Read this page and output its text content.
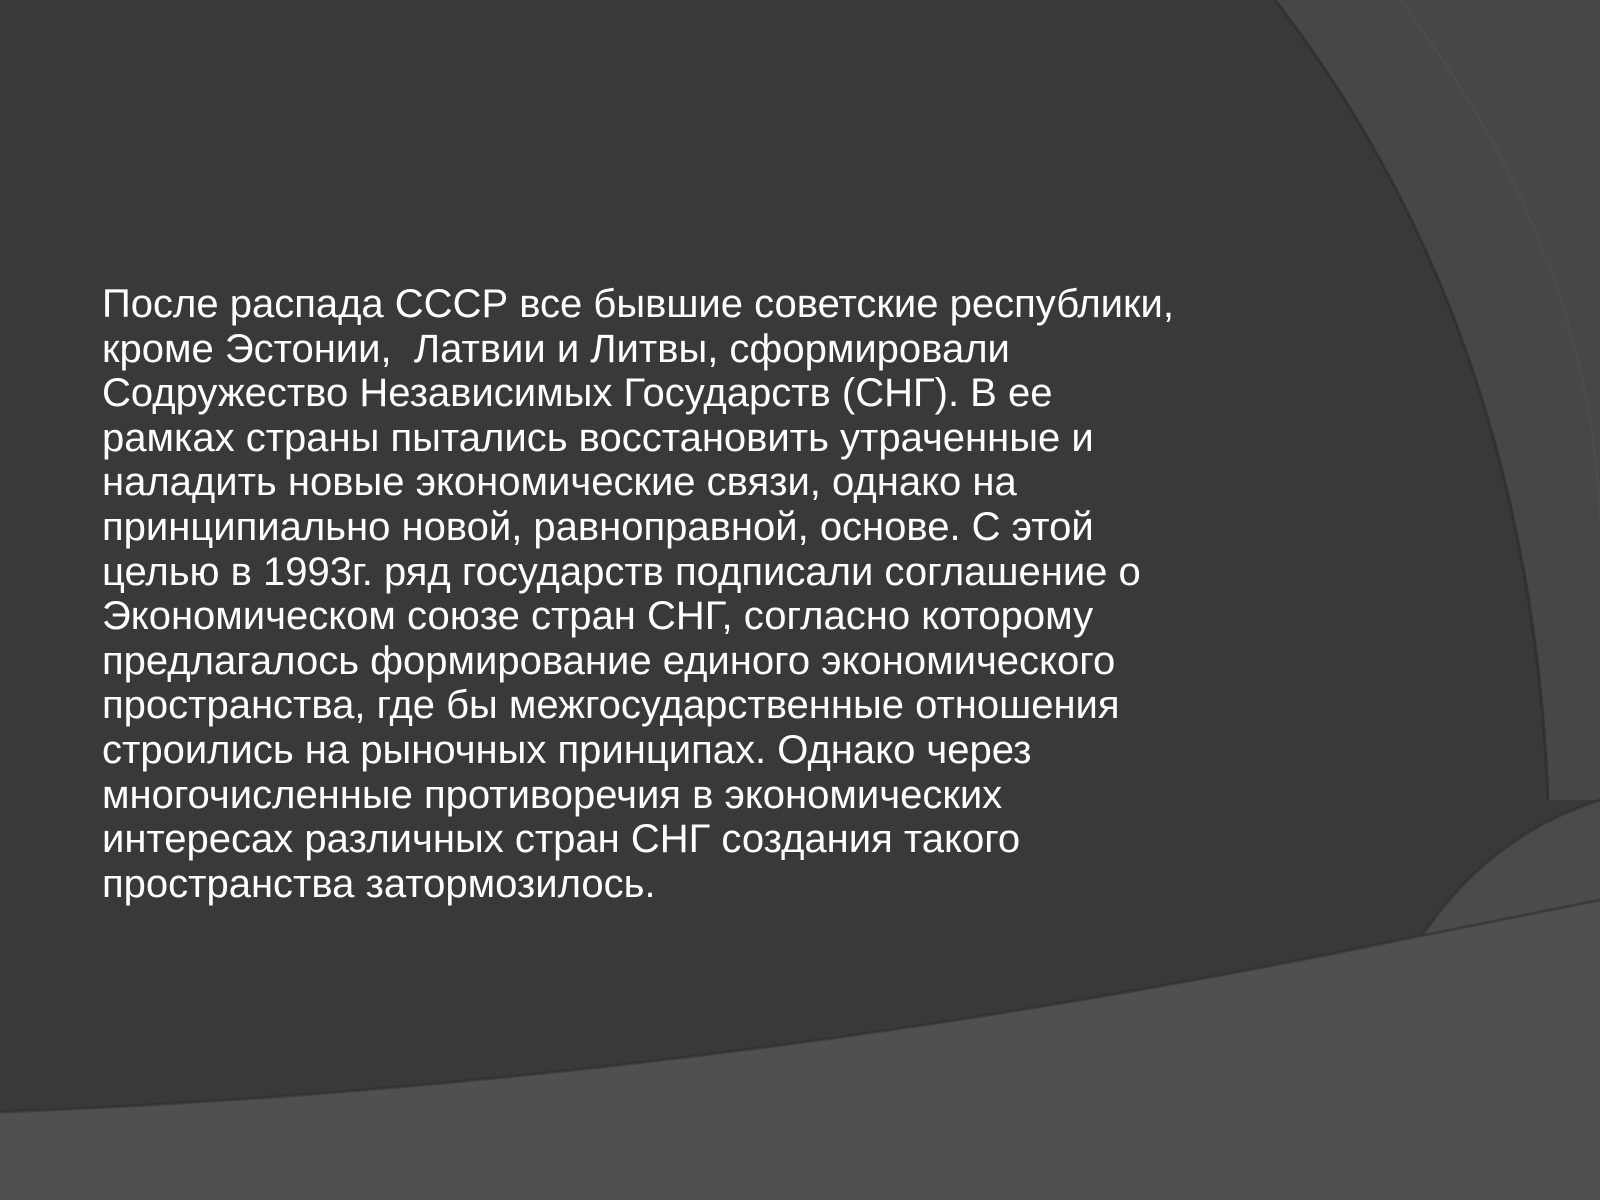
После распада СССР все бывшие советские республики,
кроме Эстонии,  Латвии и Литвы, сформировали
Содружество Независимых Государств (СНГ). В ее
рамках страны пытались восстановить утраченные и
наладить новые экономические связи, однако на
принципиально новой, равноправной, основе. С этой
целью в 1993г. ряд государств подписали соглашение о
Экономическом союзе стран СНГ, согласно которому
предлагалось формирование единого экономического
пространства, где бы межгосударственные отношения
строились на рыночных принципах. Однако через
многочисленные противоречия в экономических
интересах различных стран СНГ создания такого
пространства затормозилось.
